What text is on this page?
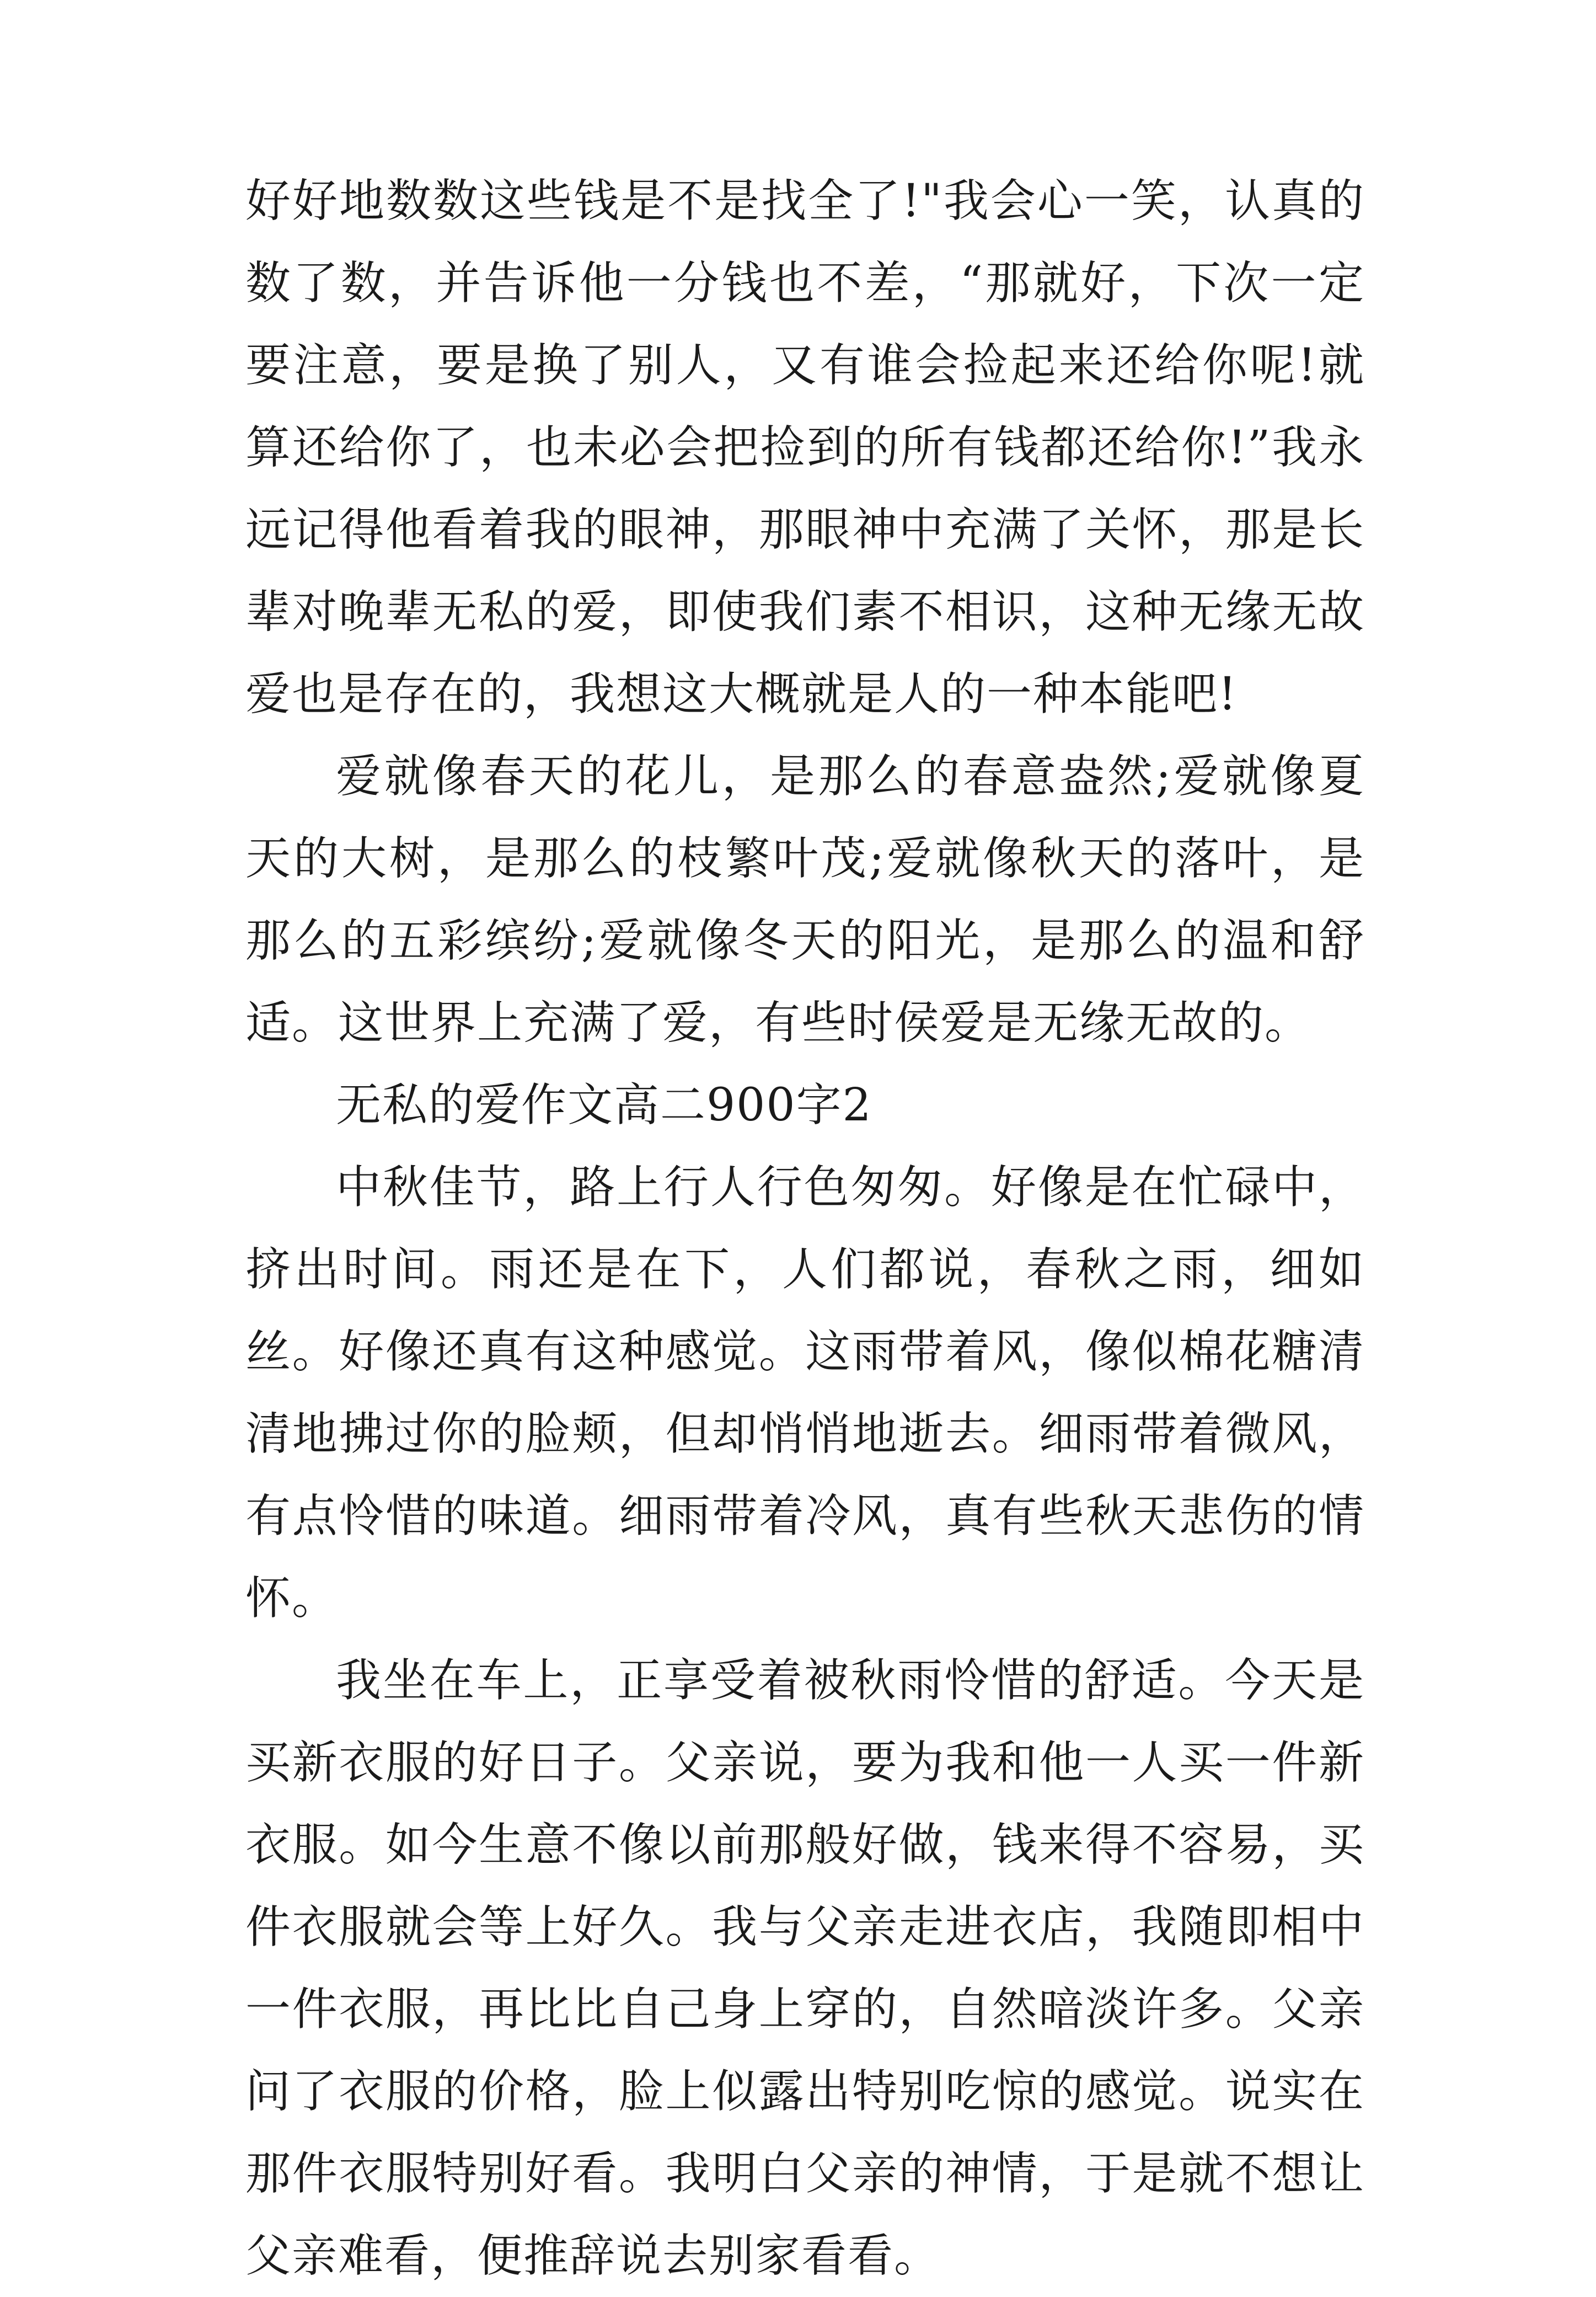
好好地数数这些钱是不是找全了!"我会心一笑，认真的数了数，并告诉他一分钱也不差，“那就好，下次一定要注意，要是换了别人，又有谁会捡起来还给你呢!就算还给你了，也未必会把捡到的所有钱都还给你!”我永远记得他看着我的眼神，那眼神中充满了关怀，那是长辈对晚辈无私的爱，即使我们素不相识，这种无缘无故爱也是存在的，我想这大概就是人的一种本能吧!

爱就像春天的花儿，是那么的春意盎然;爱就像夏天的大树，是那么的枝繁叶茂;爱就像秋天的落叶，是那么的五彩缤纷;爱就像冬天的阳光，是那么的温和舒适。这世界上充满了爱，有些时侯爱是无缘无故的。

无私的爱作文高二900字2

中秋佳节，路上行人行色匆匆。好像是在忙碌中，挤出时间。雨还是在下，人们都说，春秋之雨，细如丝。好像还真有这种感觉。这雨带着风，像似棉花糖清清地拂过你的脸颊，但却悄悄地逝去。细雨带着微风，有点怜惜的味道。细雨带着冷风，真有些秋天悲伤的情怀。

我坐在车上，正享受着被秋雨怜惜的舒适。今天是买新衣服的好日子。父亲说，要为我和他一人买一件新衣服。如今生意不像以前那般好做，钱来得不容易，买件衣服就会等上好久。我与父亲走进衣店，我随即相中一件衣服，再比比自己身上穿的，自然暗淡许多。父亲问了衣服的价格，脸上似露出特别吃惊的感觉。说实在那件衣服特别好看。我明白父亲的神情，于是就不想让父亲难看，便推辞说去别家看看。
